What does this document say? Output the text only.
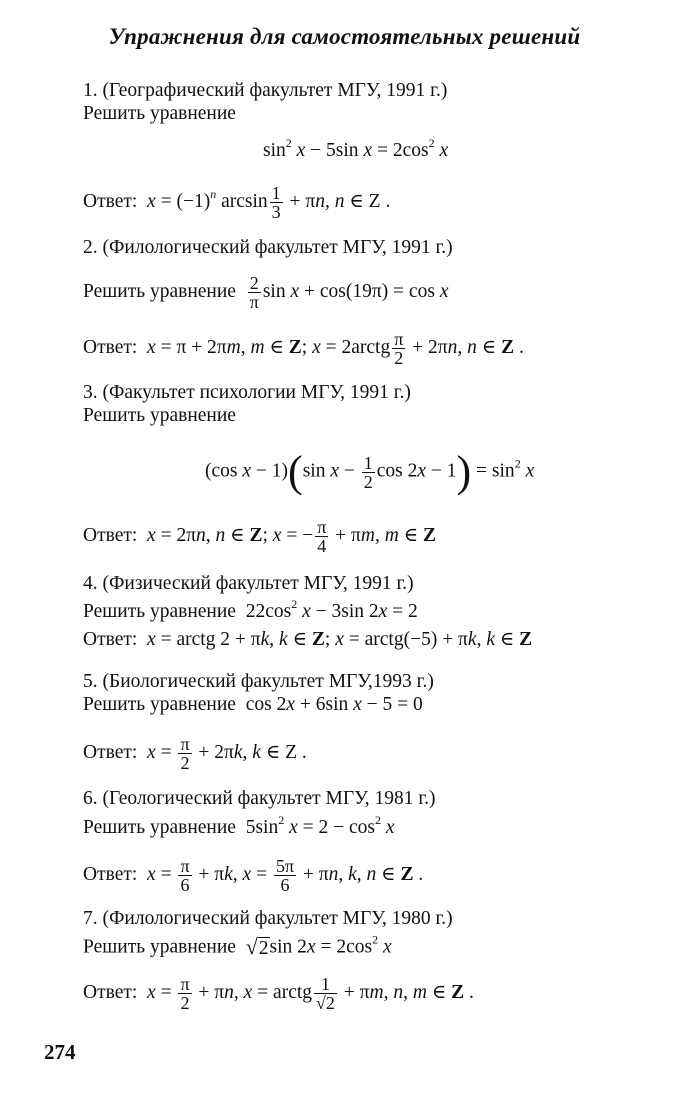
Упражнения для самостоятельных решений
1. (Географический факультет МГУ, 1991 г.)
Решить уравнение
$\sin^2 x - 5\sin$ $x = 2\cos^2$ x
Ответ: $x = (-1)^n$ $\arcsin \frac{1}{3} + \pi n$, n ∈ Z .
2. (Филологический факультет МГУ, 1991 г.)
Решить уравнение $\frac{2}{\pi}$ sin x + cos(19π) = cos x
Ответ: x = π + 2πm, m ∈ Z; x = 2arctg $\frac{\pi}{2} + 2\pi n$, n ∈ Z .
3. (Факультет психологии МГУ, 1991 г.)
Решить уравнение
(cos x − 1)(sin $x - \frac{1}{2}$ $\cos 2x - 1) = \sin^2 x$
Ответ: x = 2πn, n ∈ Z; x = − $\frac{\pi}{4} + \pi m$, m ∈ Z
4. (Физический факультет МГУ, 1991 г.)
Решить уравнение  $22\cos^2$ x − 3sin 2x = 2
Ответ: x = arctg 2 + πk, k ∈ Z; x = arctg(−5) + πk, k ∈ Z
5. (Биологический факультет МГУ,1993 г.)
Решить уравнение  cos 2x + 6sin x − 5 = 0
Ответ: $x = \frac{\pi}{2} + 2\pi k$, k ∈ Z .
6. (Геологический факультет МГУ, 1981 г.)
Решить уравнение  $5\sin^2$ $x = 2 - \cos^2 x$
Ответ: $x = \frac{\pi}{6} + \pi k$, $x = \frac{5\pi}{6} + \pi n$, k, n ∈ Z .
7. (Филологический факультет МГУ, 1980 г.)
Решить уравнение √2sin $2x = 2\cos^2$ x
Ответ: $x = \frac{\pi}{2} + \pi n$, x = arctg $\frac{1}{√2} + \pi m$, n, m ∈ Z .
274
